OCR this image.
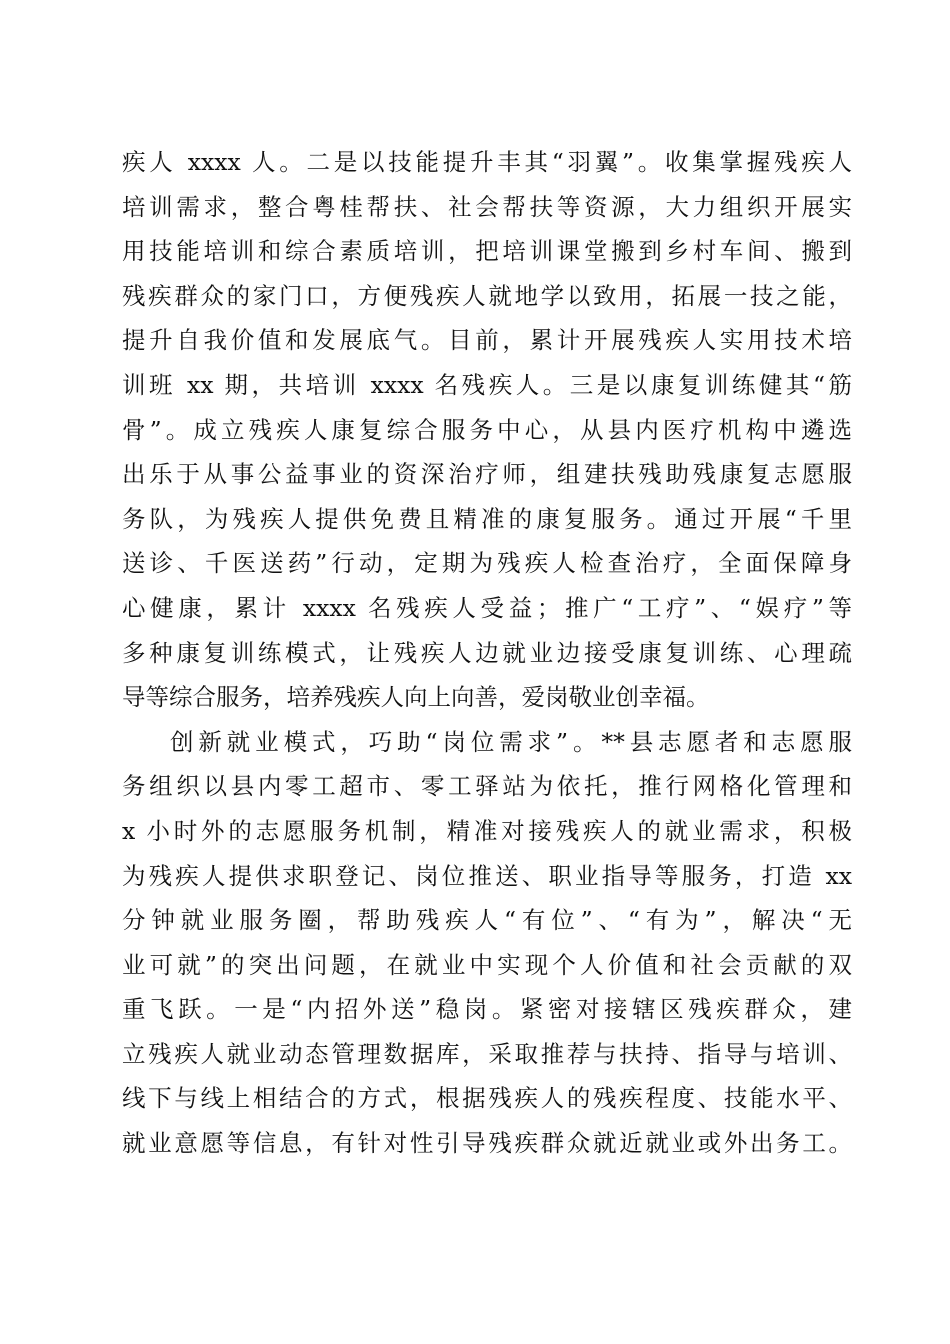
疾人 xxxx 人。二是以技能提升丰其“羽翼”。收集掌握残疾人
培训需求，整合粤桂帮扶、社会帮扶等资源，大力组织开展实
用技能培训和综合素质培训，把培训课堂搬到乡村车间、搬到
残疾群众的家门口，方便残疾人就地学以致用，拓展一技之能，
提升自我价值和发展底气。目前，累计开展残疾人实用技术培
训班 xx 期，共培训 xxxx 名残疾人。三是以康复训练健其“筋
骨”。成立残疾人康复综合服务中心，从县内医疗机构中遴选
出乐于从事公益事业的资深治疗师，组建扶残助残康复志愿服
务队，为残疾人提供免费且精准的康复服务。通过开展“千里
送诊、千医送药”行动，定期为残疾人检查治疗，全面保障身
心健康，累计 xxxx 名残疾人受益；推广“工疗”、“娱疗”等
多种康复训练模式，让残疾人边就业边接受康复训练、心理疏
导等综合服务，培养残疾人向上向善，爱岗敬业创幸福。
创新就业模式，巧助“岗位需求”。**县志愿者和志愿服
务组织以县内零工超市、零工驿站为依托，推行网格化管理和
x 小时外的志愿服务机制，精准对接残疾人的就业需求，积极
为残疾人提供求职登记、岗位推送、职业指导等服务，打造 xx
分钟就业服务圈，帮助残疾人“有位”、“有为”，解决“无
业可就”的突出问题，在就业中实现个人价值和社会贡献的双
重飞跃。一是“内招外送”稳岗。紧密对接辖区残疾群众，建
立残疾人就业动态管理数据库，采取推荐与扶持、指导与培训、
线下与线上相结合的方式，根据残疾人的残疾程度、技能水平、
就业意愿等信息，有针对性引导残疾群众就近就业或外出务工。
